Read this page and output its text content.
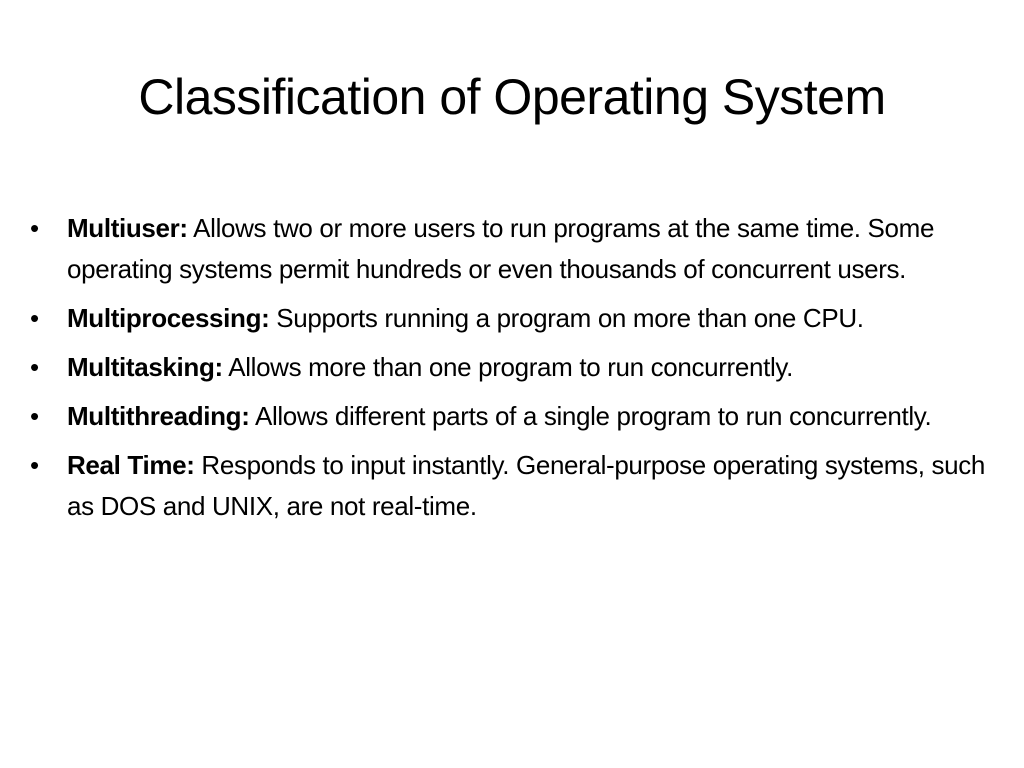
Classification of Operating System
• Multiuser: Allows two or more users to run programs at the same time. Some operating systems permit hundreds or even thousands of concurrent users.
• Multiprocessing: Supports running a program on more than one CPU.
• Multitasking: Allows more than one program to run concurrently.
• Multithreading: Allows different parts of a single program to run concurrently.
• Real Time: Responds to input instantly. General-purpose operating systems, such as DOS and UNIX, are not real-time.
